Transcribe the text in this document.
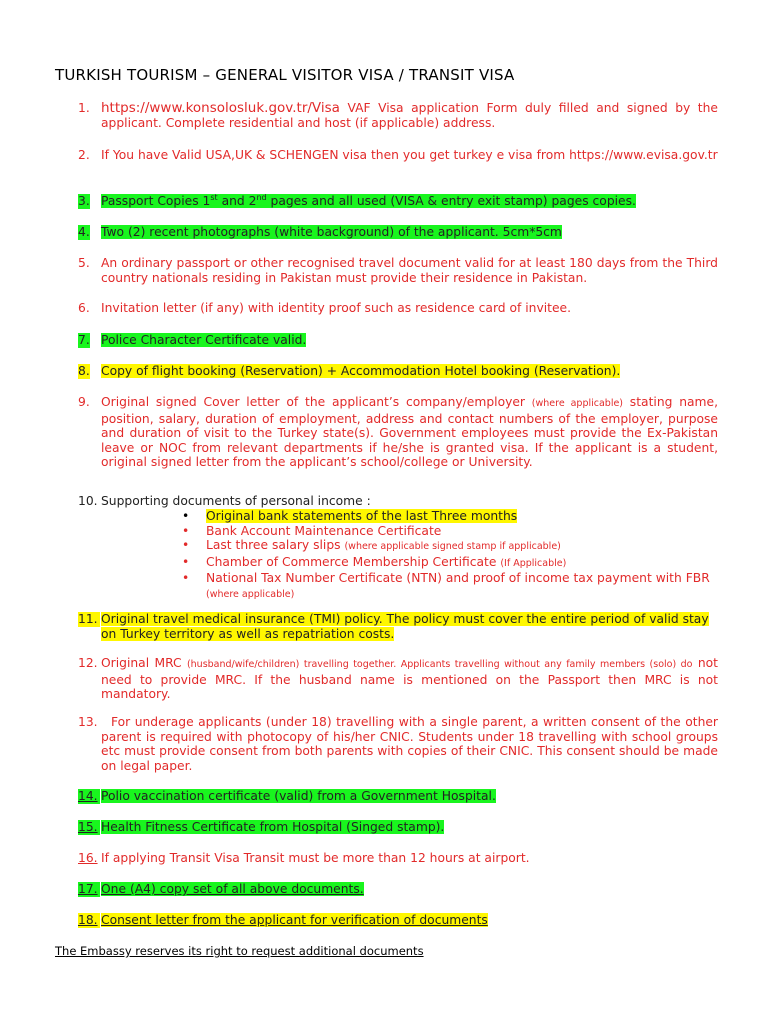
TURKISH TOURISM – GENERAL VISITOR VISA / TRANSIT VISA
1. https://www.konsolosluk.gov.tr/Visa VAF Visa application Form duly filled and signed by the applicant. Complete residential and host (if applicable) address.
2. If You have Valid USA,UK & SCHENGEN visa then you get turkey e visa from https://www.evisa.gov.tr
3. Passport Copies 1st and 2nd pages and all used (VISA & entry exit stamp) pages copies.
4. Two (2) recent photographs (white background) of the applicant. 5cm*5cm
5. An ordinary passport or other recognised travel document valid for at least 180 days from the Third country nationals residing in Pakistan must provide their residence in Pakistan.
6. Invitation letter (if any) with identity proof such as residence card of invitee.
7. Police Character Certificate valid.
8. Copy of flight booking (Reservation) + Accommodation Hotel booking (Reservation).
9. Original signed Cover letter of the applicant’s company/employer (where applicable) stating name, position, salary, duration of employment, address and contact numbers of the employer, purpose and duration of visit to the Turkey state(s). Government employees must provide the Ex-Pakistan leave or NOC from relevant departments if he/she is granted visa. If the applicant is a student, original signed letter from the applicant’s school/college or University.
10. Supporting documents of personal income :
• Original bank statements of the last Three months
• Bank Account Maintenance Certificate
• Last three salary slips (where applicable signed stamp if applicable)
• Chamber of Commerce Membership Certificate (If Applicable)
• National Tax Number Certificate (NTN) and proof of income tax payment with FBR (where applicable)
11. Original travel medical insurance (TMI) policy. The policy must cover the entire period of valid stay on Turkey territory as well as repatriation costs.
12. Original MRC (husband/wife/children) travelling together. Applicants travelling without any family members (solo) do not need to provide MRC. If the husband name is mentioned on the Passport then MRC is not mandatory.
13.	For underage applicants (under 18) travelling with a single parent, a written consent of the other parent is required with photocopy of his/her CNIC. Students under 18 travelling with school groups etc must provide consent from both parents with copies of their CNIC. This consent should be made on legal paper.
14. Polio vaccination certificate (valid) from a Government Hospital.
15. Health Fitness Certificate from Hospital (Singed stamp).
16. If applying Transit Visa Transit must be more than 12 hours at airport.
17. One (A4) copy set of all above documents.
18. Consent letter from the applicant for verification of documents
The Embassy reserves its right to request additional documents
